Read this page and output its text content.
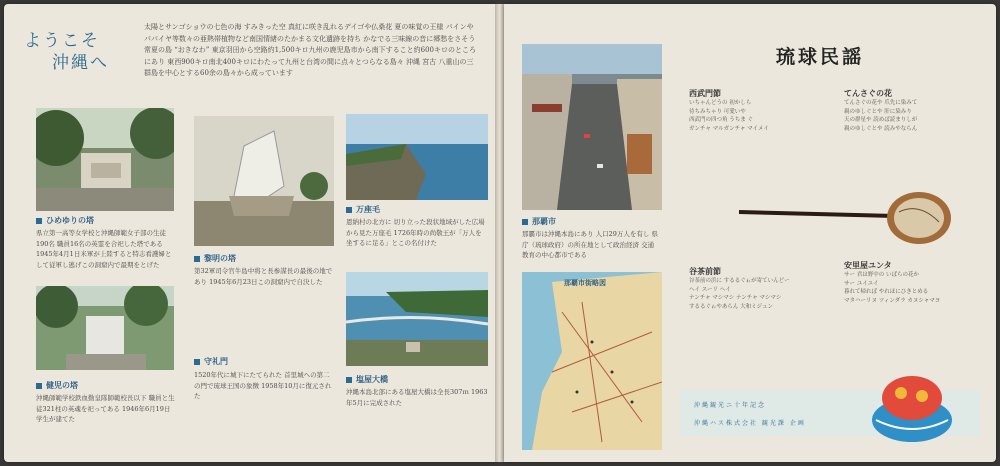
ようこそ
沖縄へ
太陽とサンゴショウの七色の海 すみきった空 真紅に咲き乱れるデイゴや仏桑花 夏の味覚の王様 パインやパパイヤ等数々の亜熱帯植物など南国情緒のたかまる文化遺跡を持ち かなでる三味線の音に郷愁をさそう常夏の島 “おきなわ” 東京羽田から空路約1,500キロ九州の鹿児島市から南下すること約600キロのところにあり 東西900キロ南北400キロにわたって九州と台湾の間に点々とつらなる島々 沖縄 宮古 八重山の三群島を中心とする60余の島々から成っています
ひめゆりの塔
県立第一高等女学校と沖縄師範女子部の生徒190名 職員16名の英霊を合祀した塔である 1945年4月1日米軍が上陸すると特志看護婦として従軍し逃げこの洞窟内で最期をとげた
黎明の塔
第32軍司令官牛島中将と長参謀長の最後の地であり 1945年6月23日この洞窟内で自決した
万座毛
恩納村の北方に 切り立った段状地域がした広場から見た万座毛 1726年時の尚敬王が「万人を坐するに足る」とこの名付けた
健児の塔
沖縄師範学校鉄血勤皇隊師範校長以下 職員と生徒321柱の英魂を祀ってある 1946年6月19日学生が建てた
守礼門
1520年代に城下にたてられた 首里城への第二の門で琉球王国の象徴 1958年10月に復元された
塩屋大橋
沖縄本島北部にある塩屋大橋は全長307ｍ 1963年5月に完成された
那覇市
那覇市は沖縄本島にあり 人口29万人を有し 県庁（琉球政府）の所在地として政治経済 交通 教育の中心都市である
那覇市街略図
琉球民謡
西武門節
いちゃんどうの 初かしら
待ちみちゃり 可愛いや
西武門の四つ角 うちま ぐ
ガンチャ マルガンチャ マイメイ
てんさぐの花
てんさぐの花や 爪先に染みて
親のゆしぐとや 肝に染みり
天の群星や 読めば読まりしが
親のゆしぐとや 読みやならん
谷茶前節
谷茶前の浜に するるぐゎが寄ていんどー
ヘイ スーリ ヘイ
ナンチャ マシマシ ナンチャ マシマシ
するるぐゎやあらん 大和ミジュン
安里屋ユンタ
サー 君は野中の いばらの花か
サー ユイユイ
暮れて帰れば やれほにひきとめる
マタハーリヌ ツィンダラ カヌシャマヨ
沖縄観光ニ十年記念
沖縄ハス株式会社 観光課 企画
